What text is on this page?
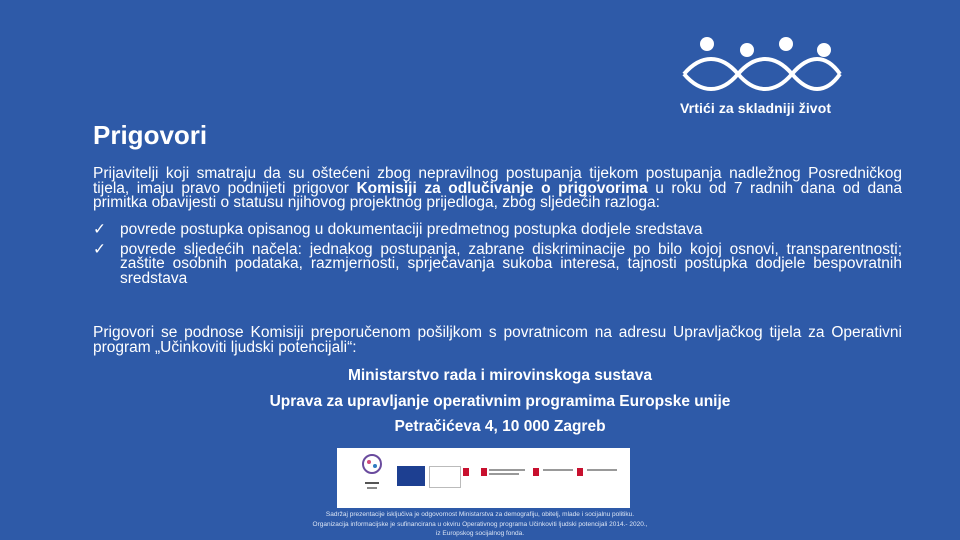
Vrtići za skladniji život
Prigovori
Prijavitelji koji smatraju da su oštećeni zbog nepravilnog postupanja tijekom postupanja nadležnog Posredničkog tijela, imaju pravo podnijeti prigovor Komisiji za odlučivanje o prigovorima u roku od 7 radnih dana od dana primitka obavijesti o statusu njihovog projektnog prijedloga, zbog sljedećih razloga:
✓ povrede postupka opisanog u dokumentaciji predmetnog postupka dodjele sredstava
✓ povrede sljedećih načela: jednakog postupanja, zabrane diskriminacije po bilo kojoj osnovi, transparentnosti; zaštite osobnih podataka, razmjernosti, sprječavanja sukoba interesa, tajnosti postupka dodjele bespovratnih sredstava
Prigovori se podnose Komisiji preporučenom pošiljkom s povratnicom na adresu Upravljačkog tijela za Operativni program „Učinkoviti ljudski potencijali“:
Ministarstvo rada i mirovinskoga sustava
Uprava za upravljanje operativnim programima Europske unije
Petračićeva 4, 10 000 Zagreb
Sadržaj prezentacije isključiva je odgovornost Ministarstva za demografiju, obitelj, mlade i socijalnu politiku.
Organizacija informacijske je sufinancirana u okviru Operativnog programa Učinkoviti ljudski potencijali 2014.- 2020.,
iz Europskog socijalnog fonda.
